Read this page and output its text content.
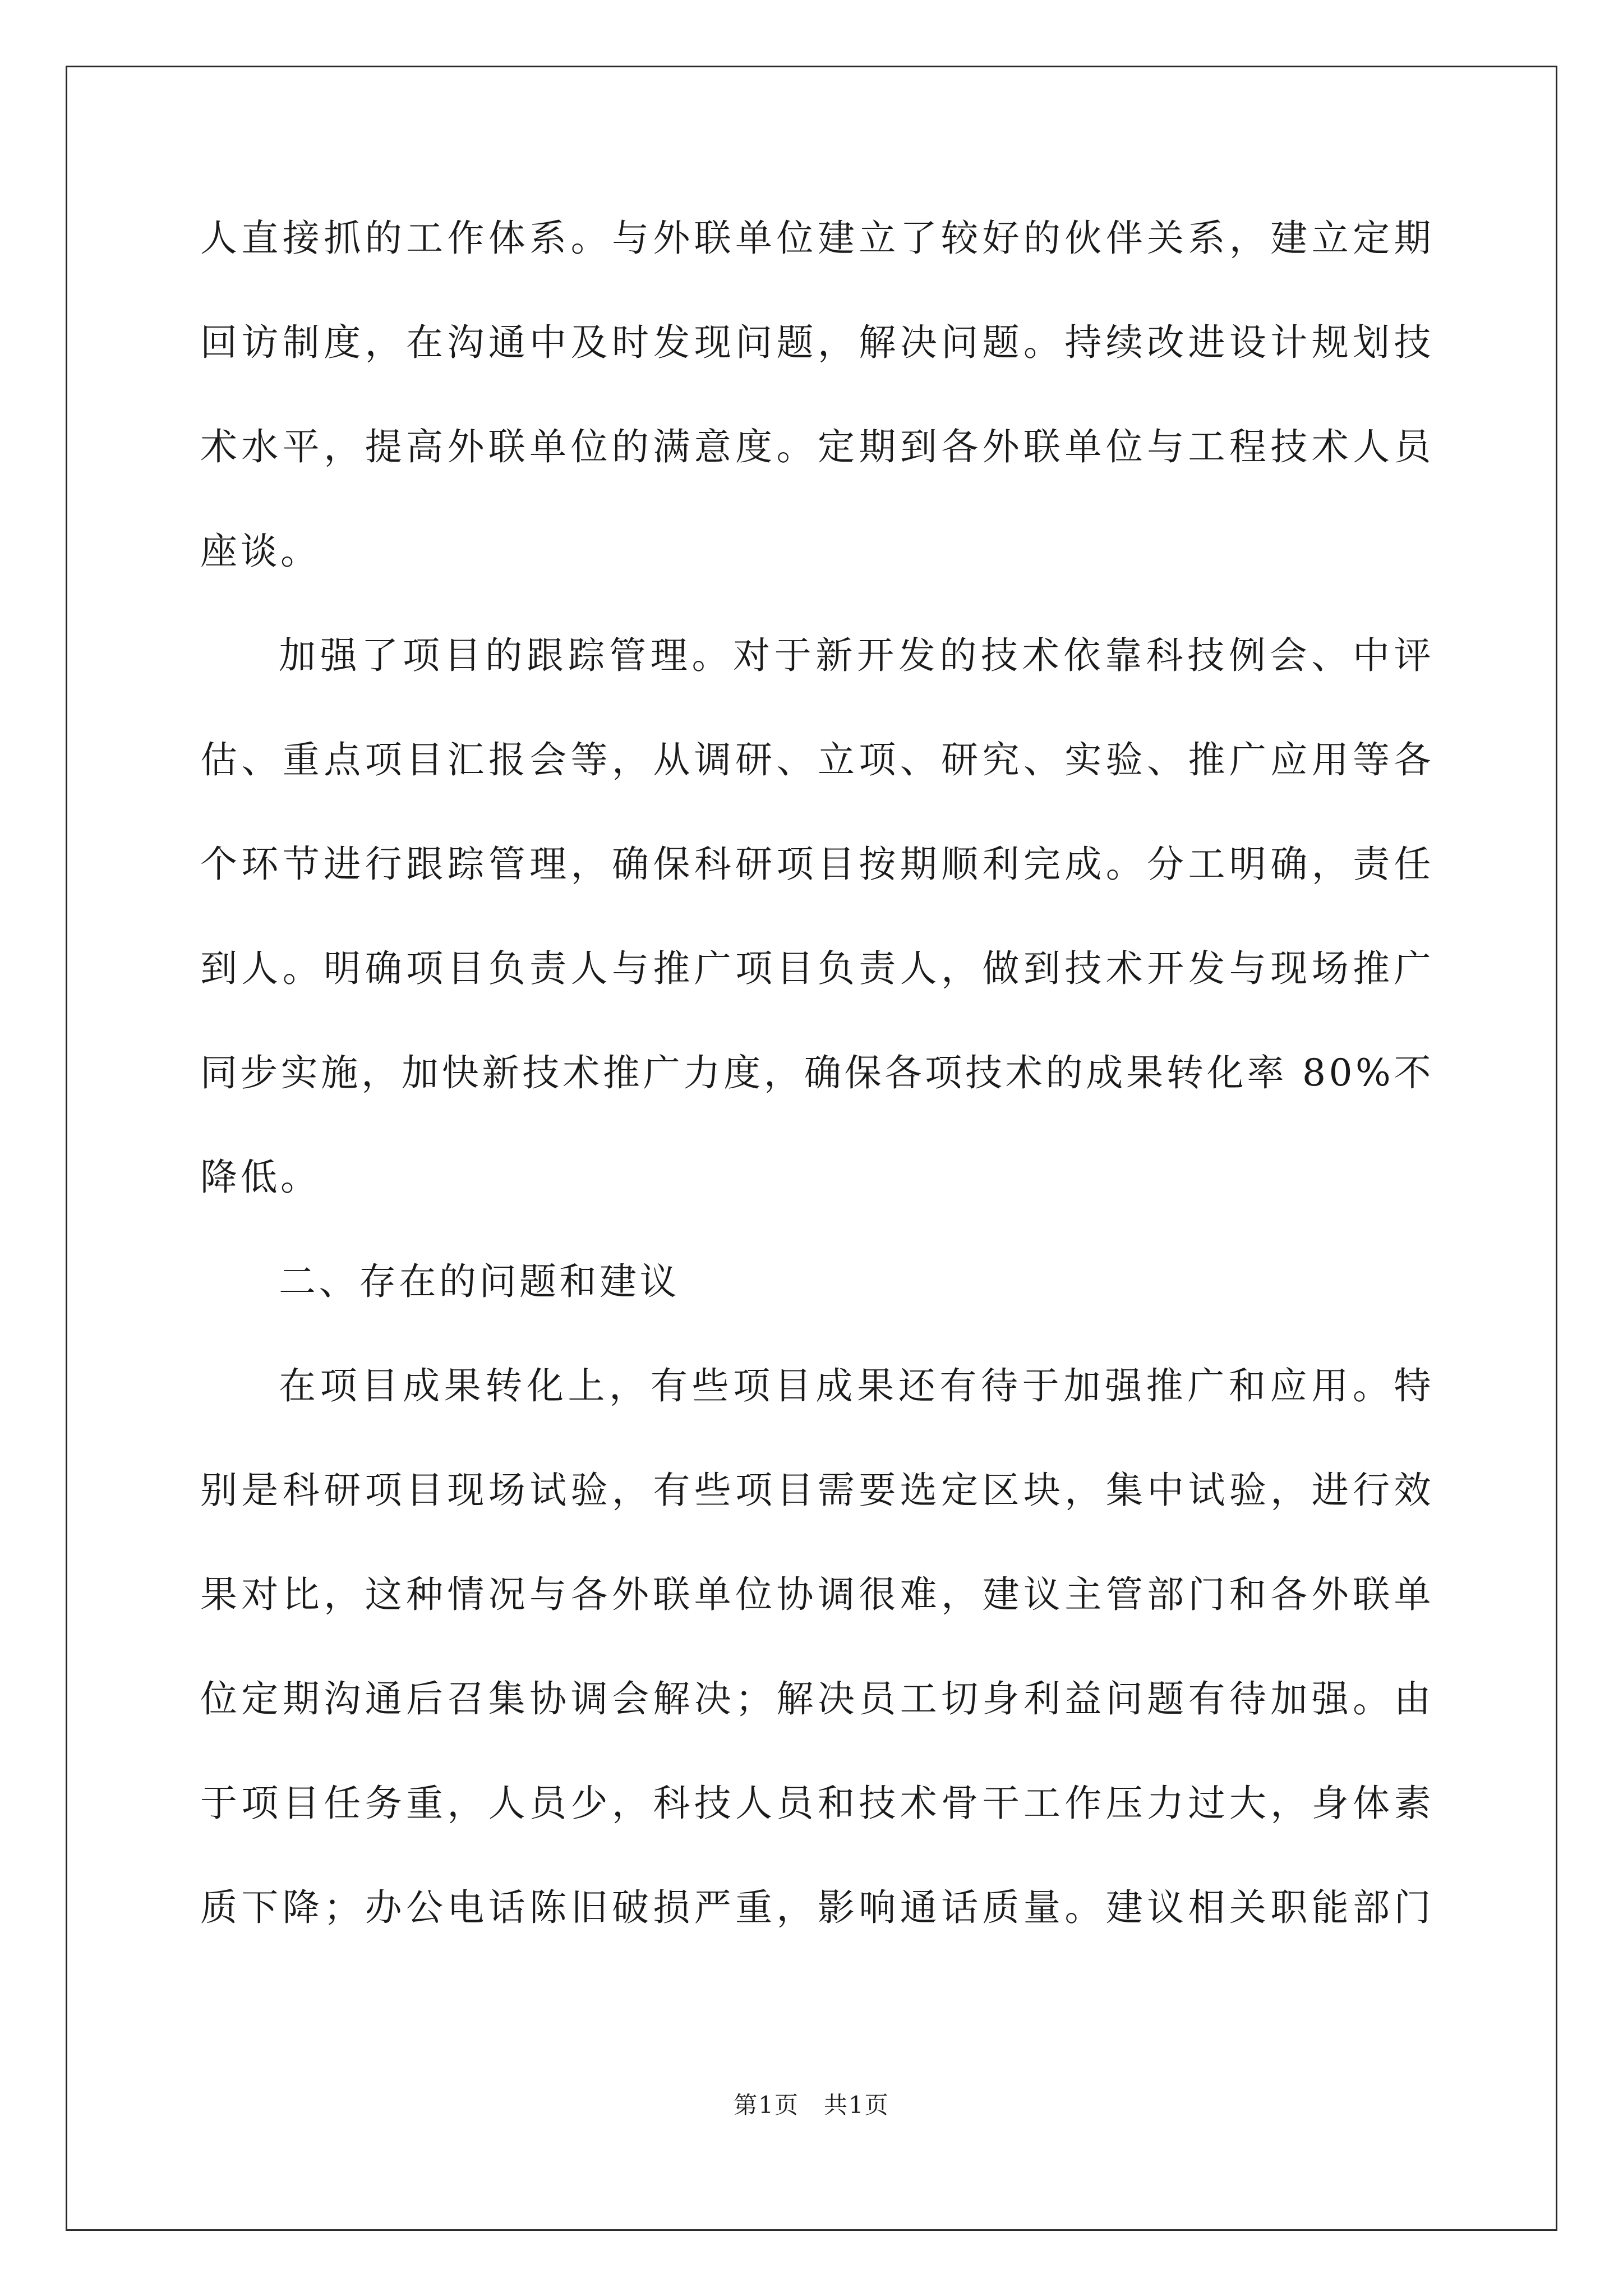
人直接抓的工作体系。与外联单位建立了较好的伙伴关系，建立定期
回访制度，在沟通中及时发现问题，解决问题。持续改进设计规划技
术水平，提高外联单位的满意度。定期到各外联单位与工程技术人员
座谈。
加强了项目的跟踪管理。对于新开发的技术依靠科技例会、中评
估、重点项目汇报会等，从调研、立项、研究、实验、推广应用等各
个环节进行跟踪管理，确保科研项目按期顺利完成。分工明确，责任
到人。明确项目负责人与推广项目负责人，做到技术开发与现场推广
同步实施，加快新技术推广力度，确保各项技术的成果转化率 80%不
降低。
二、存在的问题和建议
在项目成果转化上，有些项目成果还有待于加强推广和应用。特
别是科研项目现场试验，有些项目需要选定区块，集中试验，进行效
果对比，这种情况与各外联单位协调很难，建议主管部门和各外联单
位定期沟通后召集协调会解决；解决员工切身利益问题有待加强。由
于项目任务重，人员少，科技人员和技术骨干工作压力过大，身体素
质下降；办公电话陈旧破损严重，影响通话质量。建议相关职能部门
第1页　共1页
